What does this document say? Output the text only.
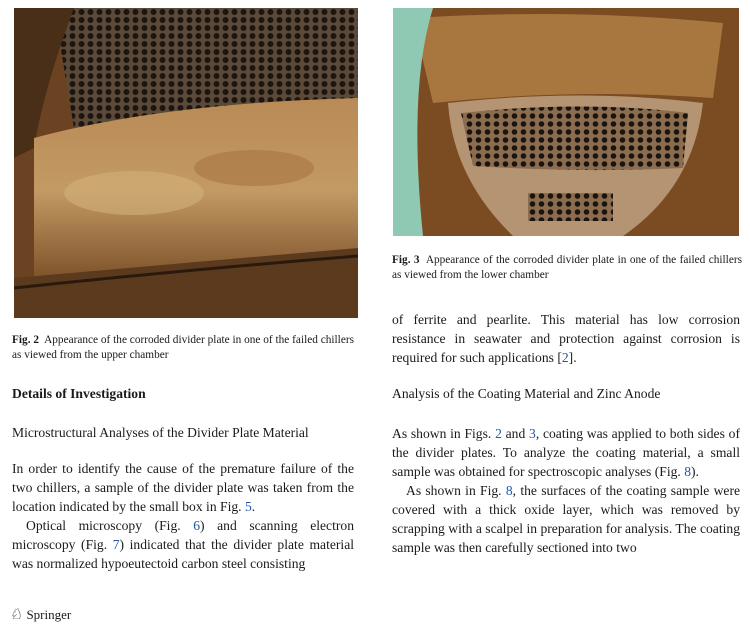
Fig. 3 Appearance of the corroded divider plate in one of the failed chillers as viewed from the lower chamber
Fig. 2 Appearance of the corroded divider plate in one of the failed chillers as viewed from the upper chamber

of ferrite and pearlite. This material has low corrosion resistance in seawater and protection against corrosion is required for such applications [2].

Details of Investigation	Analysis of the Coating Material and Zinc Anode
Microstructural Analyses of the Divider Plate Material

In order to identify the cause of the premature failure of the two chillers, a sample of the divider plate was taken from the location indicated by the small box in Fig. 5.

Optical microscopy (Fig. 6) and scanning electron microscopy (Fig. 7) indicated that the divider plate material was normalized hypoeutectoid carbon steel consisting

As shown in Figs. 2 and 3, coating was applied to both sides of the divider plates. To analyze the coating material, a small sample was obtained for spectroscopic analyses (Fig. 8).

As shown in Fig. 8, the surfaces of the coating sample were covered with a thick oxide layer, which was removed by scrapping with a scalpel in preparation for analysis. The coating sample was then carefully sectioned into two

♘ Springer
